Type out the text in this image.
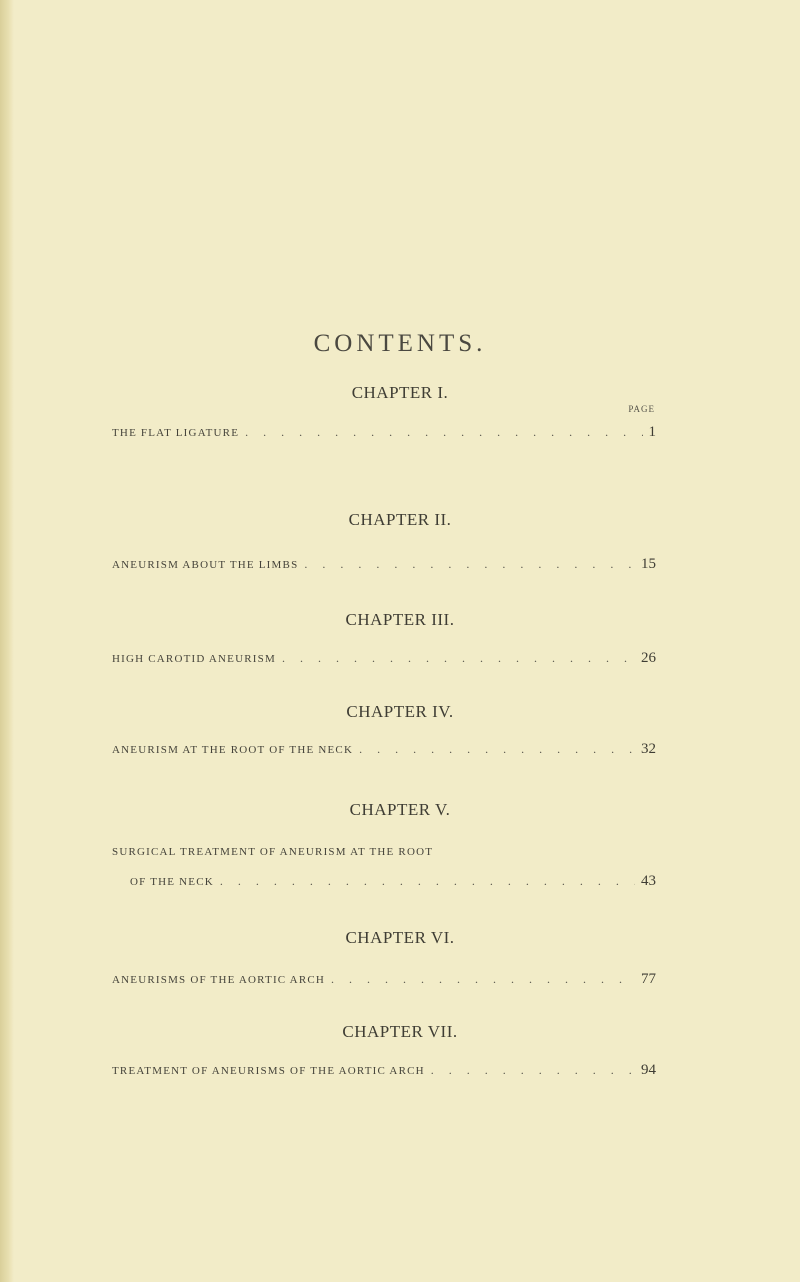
CONTENTS.
CHAPTER I.
PAGE
THE FLAT LIGATURE . . .	1
CHAPTER II.
ANEURISM ABOUT THE LIMBS . . .	15
CHAPTER III.
HIGH CAROTID ANEURISM . . .	26
CHAPTER IV.
ANEURISM AT THE ROOT OF THE NECK . . .	32
CHAPTER V.
SURGICAL TREATMENT OF ANEURISM AT THE ROOT
OF THE NECK . . .	43
CHAPTER VI.
ANEURISMS OF THE AORTIC ARCH . . .	77
CHAPTER VII.
TREATMENT OF ANEURISMS OF THE AORTIC ARCH . . .	94
